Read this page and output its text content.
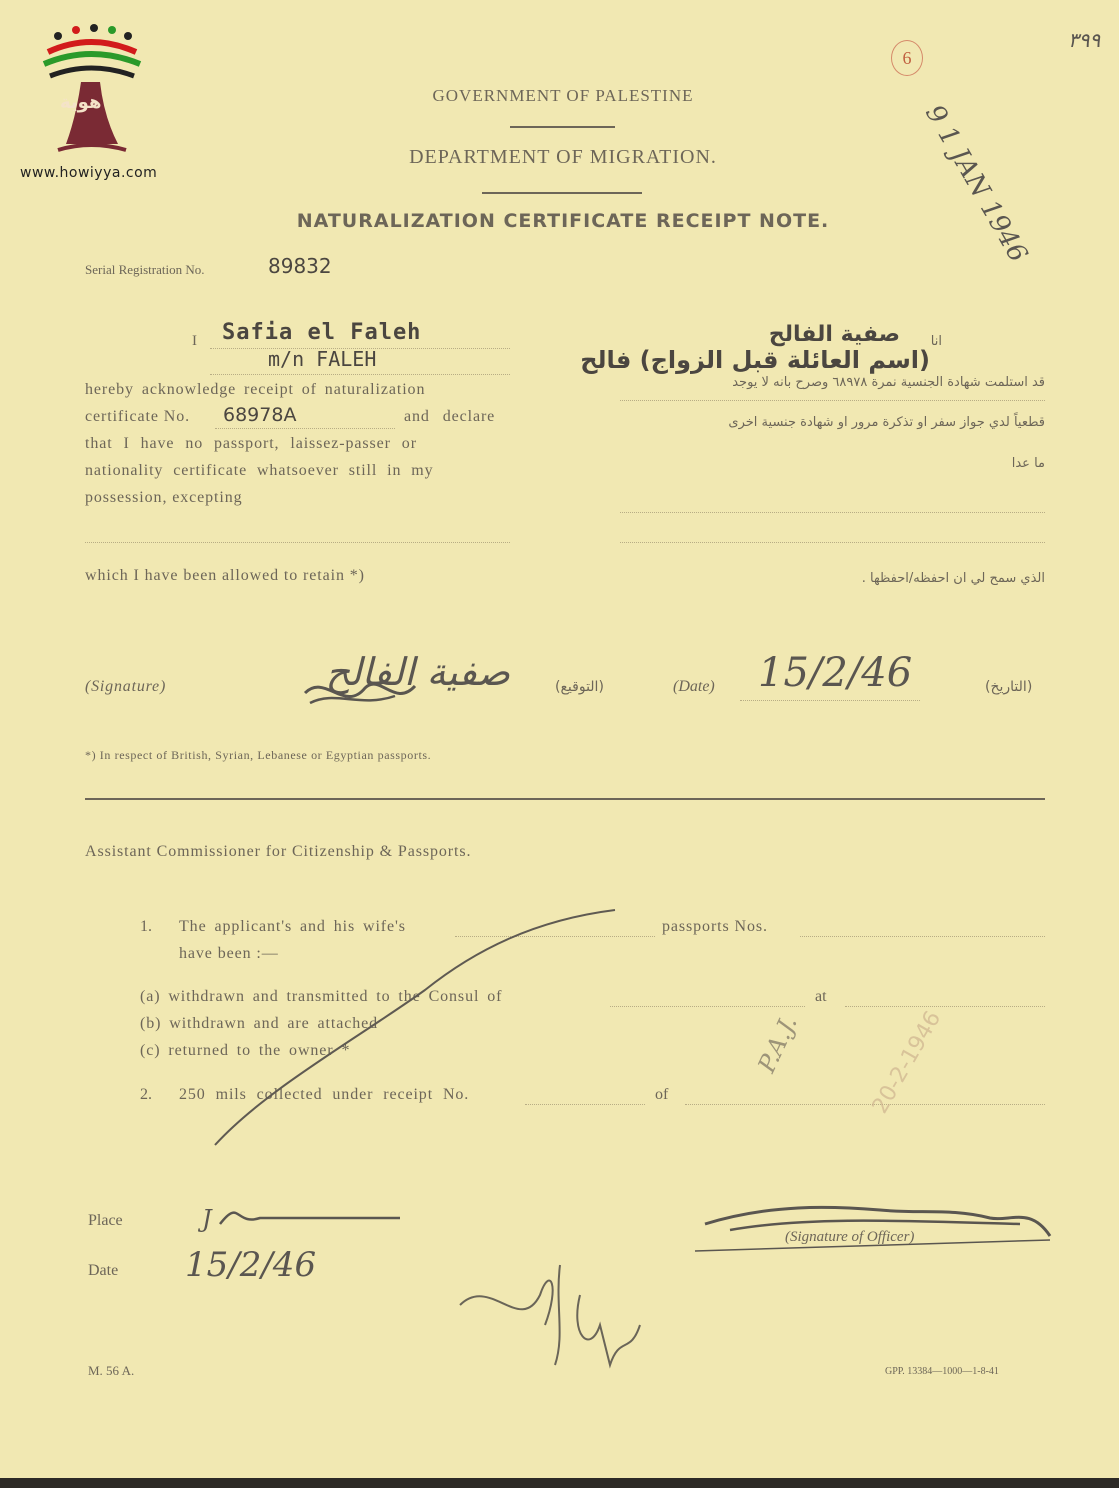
هوية
www.howiyya.com
6
٣٩٩
9 1 JAN 1946
GOVERNMENT OF PALESTINE
DEPARTMENT OF MIGRATION.
NATURALIZATION CERTIFICATE RECEIPT NOTE.
Serial Registration No.	89832
I Safia el Faleh
m/n FALEH
hereby acknowledge receipt of naturalization
certificate No. 68978A	and declare
that I have no passport, laissez-passer or
nationality certificate whatsoever still in my
possession, excepting
which I have been allowed to retain *)
انا
صفية الفالح
(اسم العائلة قبل الزواج) فالح
قد استلمت شهادة الجنسية نمرة ٦٨٩٧٨ وصرح بانه لا يوجد
قطعياً لدي جواز سفر او تذكرة مرور او شهادة جنسية اخرى
ما عدا
الذي سمح لي ان احفظه/احفظها .
(Signature)	صفية الفالح	(التوقيع)	(Date) 15/2/46	(التاريخ)
*) In respect of British, Syrian, Lebanese or Egyptian passports.
Assistant Commissioner for Citizenship & Passports.
1. The applicant's and his wife's	passports Nos.
have been :—
(a) withdrawn and transmitted to the Consul of	at
(b) withdrawn and are attached
(c) returned to the owner *
2. 250 mils collected under receipt No.	of
P.A.J.	20-2-1946
Place	J
Date 15/2/46
(Signature of Officer)
M. 56 A.	GPP. 13384—1000—1-8-41
